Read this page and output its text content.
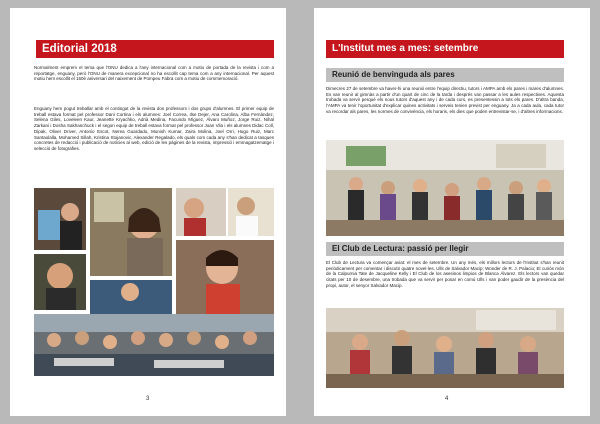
Editorial 2018

Normalment emprem el tema que l'ONU dedica a l'any internacional com a motiu de portada de la revista i com a reportatge, enguany, però l'ONU de manera excepcional no ha escollit cap tema com a any internacional. Per aquest motiu hem escollit el 150è aniversari del naixement de Pompeu Fabra com a motiu de commemoració.

Enguany hem pogut treballar amb el contingut de la revista dos professors i dos grups d'alumnes. El primer equip de treball estava format pel professor Dani Cortina i els alumnes: Joel Correa, Ilse Dejer, Ana Carolina, Alba Fernández, Selena Giles, Loveleen Kaur, Jeanette Kryachko, Adrià Medina, Facundo Míguez, Álvaro Muñoz, Jorge Ruiz, Nihal Zarkani i Dosha Sakhanchuck i el segon equip de treball estava format pel professor Joan Vila i els alumnes Didac Coll, Dipak, Oliver Driver, Antonio Escot, Nerea Guardado, Munish Kumar, Zaira Molina, Joel Orri, Hugo Ruiz, Marc Santaolalla, Mohamed Sillah, Kristina Stojanovic, Alexander Regalado, els quals com cada any s'han dedicat a tasques concretes de redacció i publicació de notícies al web, edició de les pàgines de la revista, impressió i emmagatzematge i selecció de fotografies.

3
L'Institut mes a mes: setembre
Reunió de benvinguda als pares

Dimecres 27 de setembre va haver-hi una reunió entre l'equip directiu, tutors i AMPA amb els pares i mares d'alumnes. Es van reunir al gimnàs a partir d'un quart de cinc de la tarda i després van passar a les aules respectives. Aquesta trobada va servir perquè els nous tutors d'aquest any i de cada curs, es presentessin a tots els pares. D'altra banda, l'AMPA va tenir l'oportunitat d'explicar quines activitats i serveis tenien previst per enguany. Ja a cada aula, cada tutor va recordar als pares, les normes de convivència, els horaris, els dies que poden entrevistar-se, i d'altres informacions.

El Club de Lectura: passió per llegir

El Club de Lectura va començar aviat: el mes de setembre. Un any més, els millors lectors de l'Institut s'han reunit periòdicament per comentar i discutir quatre novel·les, Ulls de Salvador Macip; Wonder de R. J. Palacio; El curiós món de la Calpurnia Tate de Jacqueline Kelly i El Club de los asesinos limpios de Blanca Álvarez. Els lectors van quedar citats per 10 de desembre, una trobada que va servir per posar en comú Ulls i van poder gaudir de la presència del propi, autor, el senyor Salvador Macip.

4
